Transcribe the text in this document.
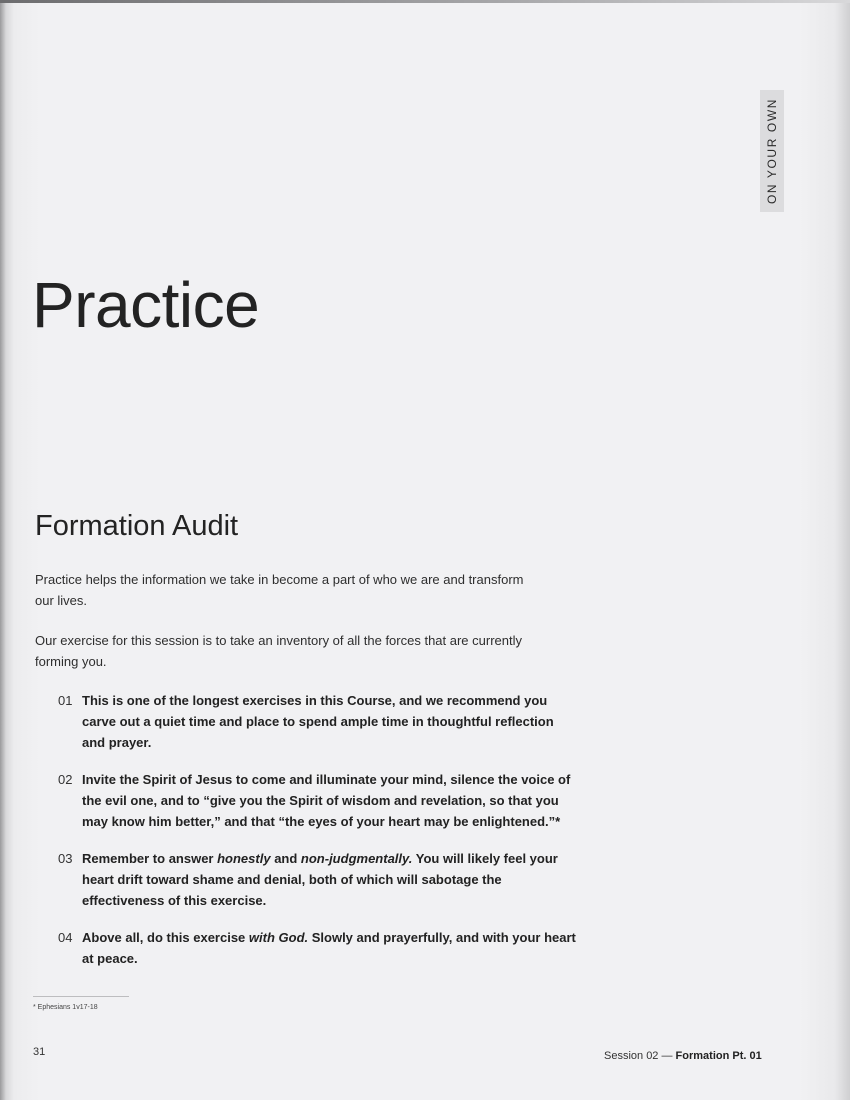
ON YOUR OWN
Practice
Formation Audit

Practice helps the information we take in become a part of who we are and transform our lives.

Our exercise for this session is to take an inventory of all the forces that are currently forming you.

01 This is one of the longest exercises in this Course, and we recommend you carve out a quiet time and place to spend ample time in thoughtful reflection and prayer.
02 Invite the Spirit of Jesus to come and illuminate your mind, silence the voice of the evil one, and to “give you the Spirit of wisdom and revelation, so that you may know him better,” and that “the eyes of your heart may be enlightened.”*
03 Remember to answer honestly and non-judgmentally. You will likely feel your heart drift toward shame and denial, both of which will sabotage the effectiveness of this exercise.
04 Above all, do this exercise with God. Slowly and prayerfully, and with your heart at peace.
* Ephesians 1v17-18
31	Session 02 — Formation Pt. 01
